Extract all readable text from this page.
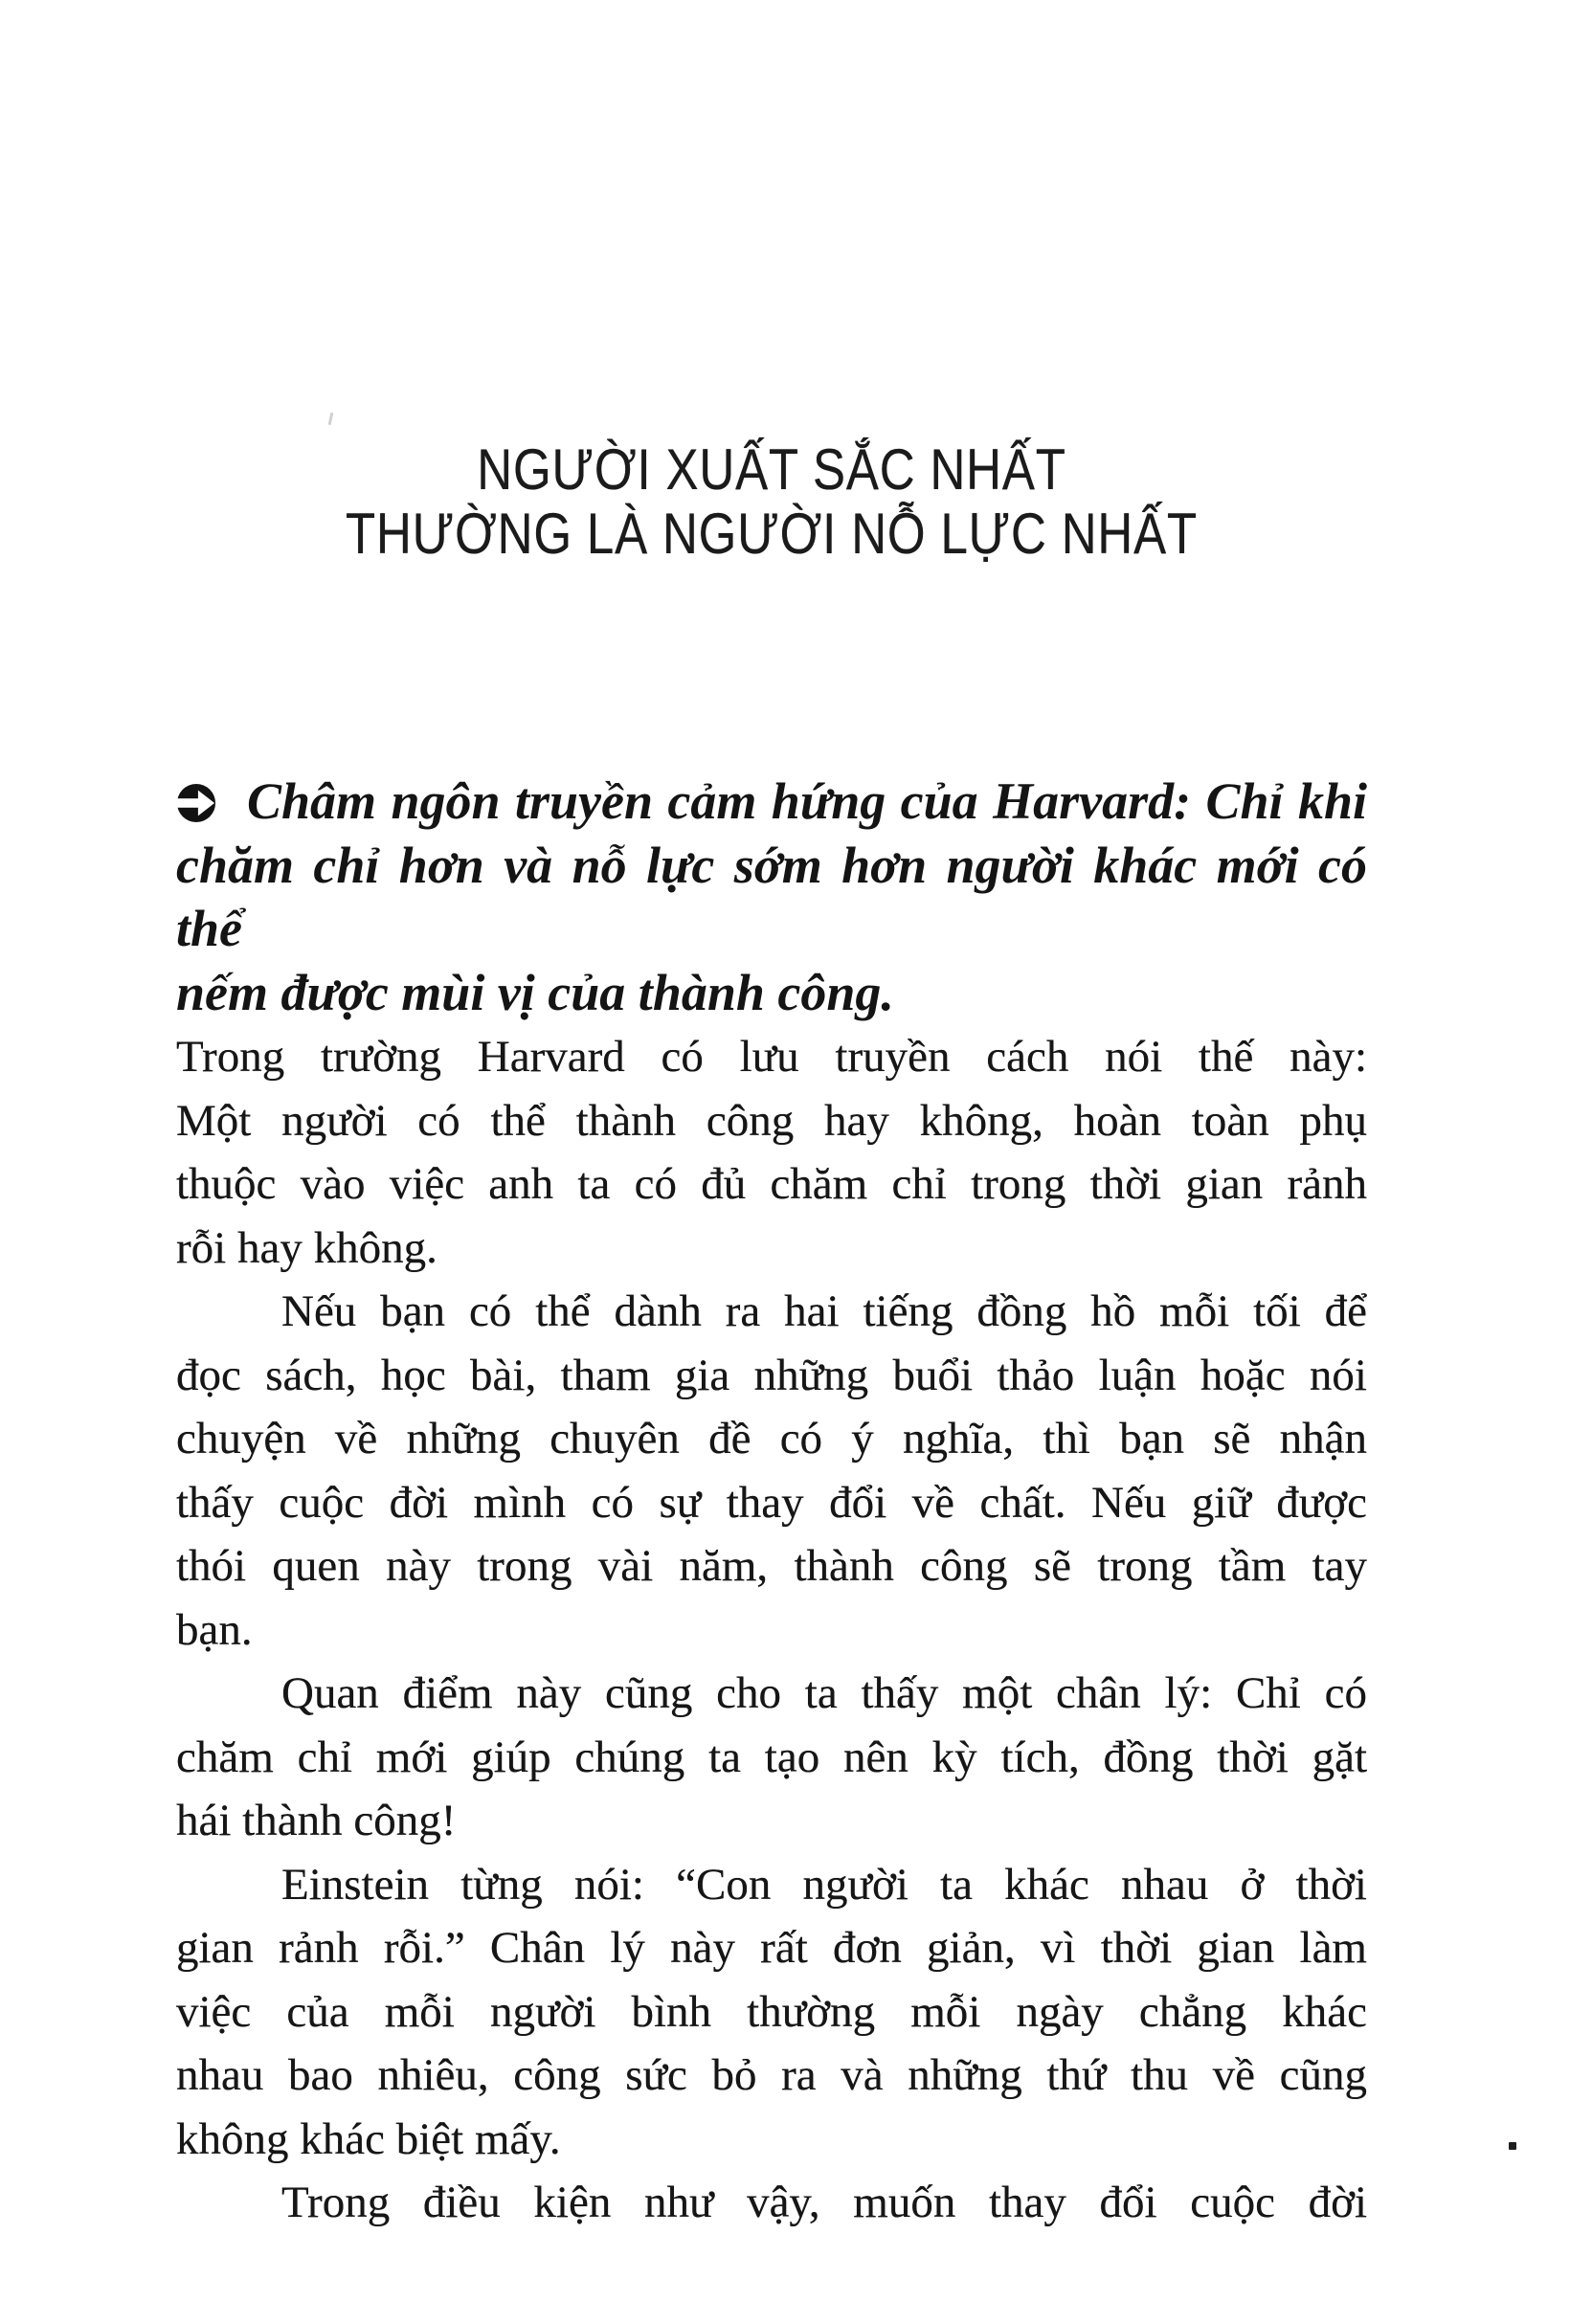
NGƯỜI XUẤT SẮC NHẤT
THƯỜNG LÀ NGƯỜI NỖ LỰC NHẤT
Châm ngôn truyền cảm hứng của Harvard: Chỉ khi
chăm chỉ hơn và nỗ lực sớm hơn người khác mới có thể
nếm được mùi vị của thành công.
Trong trường Harvard có lưu truyền cách nói thế này:
Một người có thể thành công hay không, hoàn toàn phụ
thuộc vào việc anh ta có đủ chăm chỉ trong thời gian rảnh
rỗi hay không.
Nếu bạn có thể dành ra hai tiếng đồng hồ mỗi tối để
đọc sách, học bài, tham gia những buổi thảo luận hoặc nói
chuyện về những chuyên đề có ý nghĩa, thì bạn sẽ nhận
thấy cuộc đời mình có sự thay đổi về chất. Nếu giữ được
thói quen này trong vài năm, thành công sẽ trong tầm tay
bạn.
Quan điểm này cũng cho ta thấy một chân lý: Chỉ có
chăm chỉ mới giúp chúng ta tạo nên kỳ tích, đồng thời gặt
hái thành công!
Einstein từng nói: “Con người ta khác nhau ở thời
gian rảnh rỗi.” Chân lý này rất đơn giản, vì thời gian làm
việc của mỗi người bình thường mỗi ngày chẳng khác
nhau bao nhiêu, công sức bỏ ra và những thứ thu về cũng
không khác biệt mấy.
Trong điều kiện như vậy, muốn thay đổi cuộc đời
